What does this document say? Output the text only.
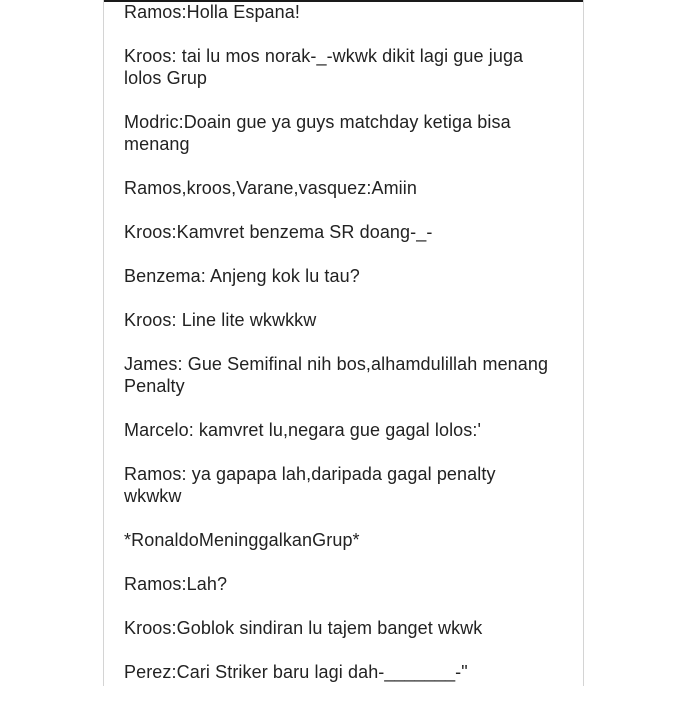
Ramos:Holla Espana!
Kroos: tai lu mos norak-_-wkwk dikit lagi gue juga lolos Grup
Modric:Doain gue ya guys matchday ketiga bisa menang
Ramos,kroos,Varane,vasquez:Amiin
Kroos:Kamvret benzema SR doang-_-
Benzema: Anjeng kok lu tau?
Kroos: Line lite wkwkkw
James: Gue Semifinal nih bos,alhamdulillah menang Penalty
Marcelo: kamvret lu,negara gue gagal lolos:'
Ramos: ya gapapa lah,daripada gagal penalty wkwkw
*RonaldoMeninggalkanGrup*
Ramos:Lah?
Kroos:Goblok sindiran lu tajem banget wkwk
Perez:Cari Striker baru lagi dah-_______-"
